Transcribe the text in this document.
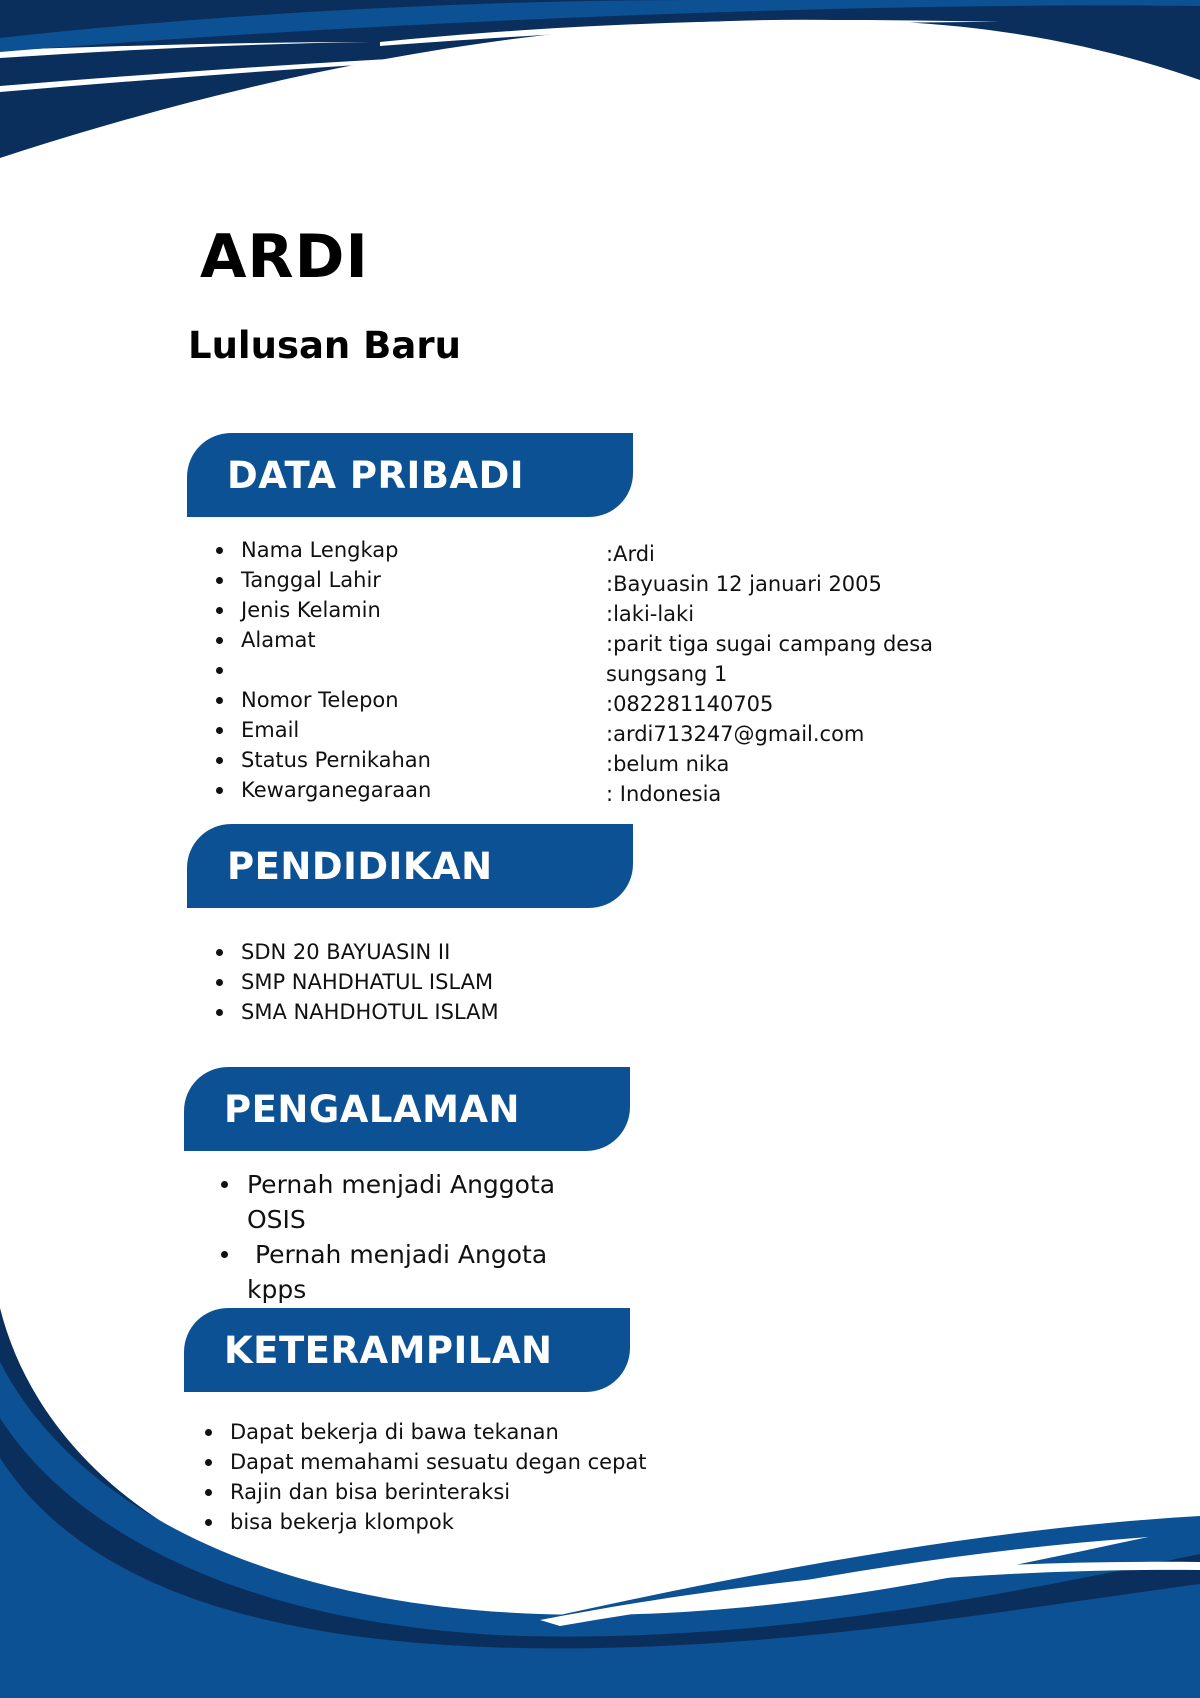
ARDI
Lulusan Baru
DATA PRIBADI
Nama Lengkap
Tanggal Lahir
Jenis Kelamin
Alamat

Nomor Telepon
Email
Status Pernikahan
Kewarganegaraan
:Ardi
:Bayuasin 12 januari 2005
:laki-laki
:parit tiga sugai campang desa sungsang 1
:082281140705
:ardi713247@gmail.com
:belum nika
: Indonesia
PENDIDIKAN
SDN 20 BAYUASIN II
SMP NAHDHATUL ISLAM
SMA NAHDHOTUL ISLAM
PENGALAMAN
Pernah menjadi Anggota OSIS
Pernah menjadi Angota kpps
KETERAMPILAN
Dapat bekerja di bawa tekanan
Dapat memahami sesuatu degan cepat
Rajin dan bisa berinteraksi
bisa bekerja klompok
